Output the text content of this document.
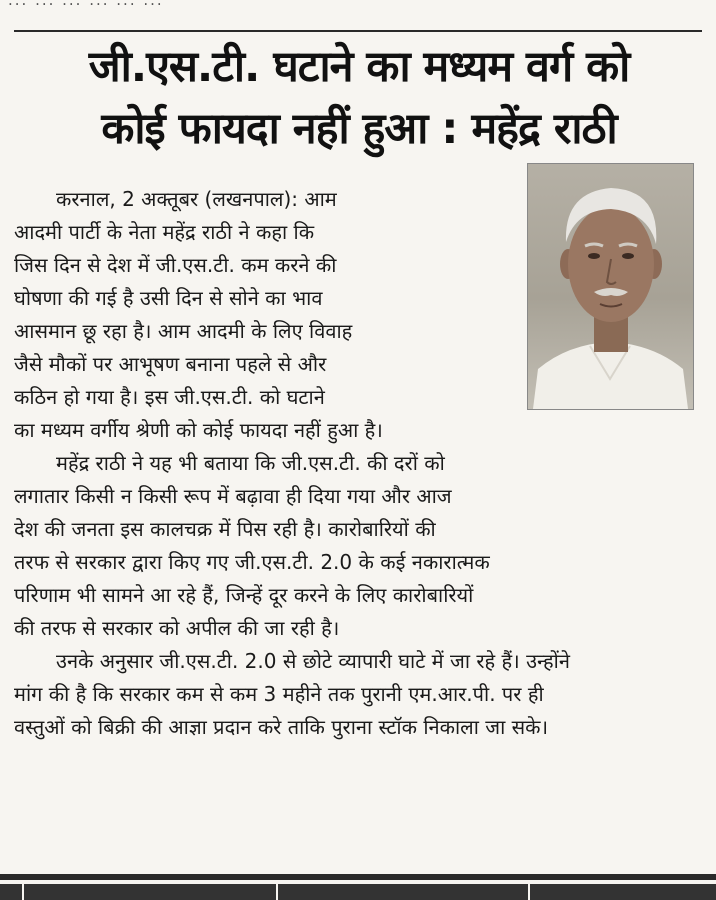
... ... ... ... ... ...
जी.एस.टी. घटाने का मध्यम वर्ग को
कोई फायदा नहीं हुआ : महेंद्र राठी
करनाल, 2 अक्तूबर (लखनपाल): आम
आदमी पार्टी के नेता महेंद्र राठी ने कहा कि
जिस दिन से देश में जी.एस.टी. कम करने की
घोषणा की गई है उसी दिन से सोने का भाव
आसमान छू रहा है। आम आदमी के लिए विवाह
जैसे मौकों पर आभूषण बनाना पहले से और
कठिन हो गया है। इस जी.एस.टी. को घटाने
का मध्यम वर्गीय श्रेणी को कोई फायदा नहीं हुआ है।
महेंद्र राठी ने यह भी बताया कि जी.एस.टी. की दरों को
लगातार किसी न किसी रूप में बढ़ावा ही दिया गया और आज
देश की जनता इस कालचक्र में पिस रही है। कारोबारियों की
तरफ से सरकार द्वारा किए गए जी.एस.टी. 2.0 के कई नकारात्मक
परिणाम भी सामने आ रहे हैं, जिन्हें दूर करने के लिए कारोबारियों
की तरफ से सरकार को अपील की जा रही है।
उनके अनुसार जी.एस.टी. 2.0 से छोटे व्यापारी घाटे में जा रहे हैं। उन्होंने
मांग की है कि सरकार कम से कम 3 महीने तक पुरानी एम.आर.पी. पर ही
वस्तुओं को बिक्री की आज्ञा प्रदान करे ताकि पुराना स्टॉक निकाला जा सके।
